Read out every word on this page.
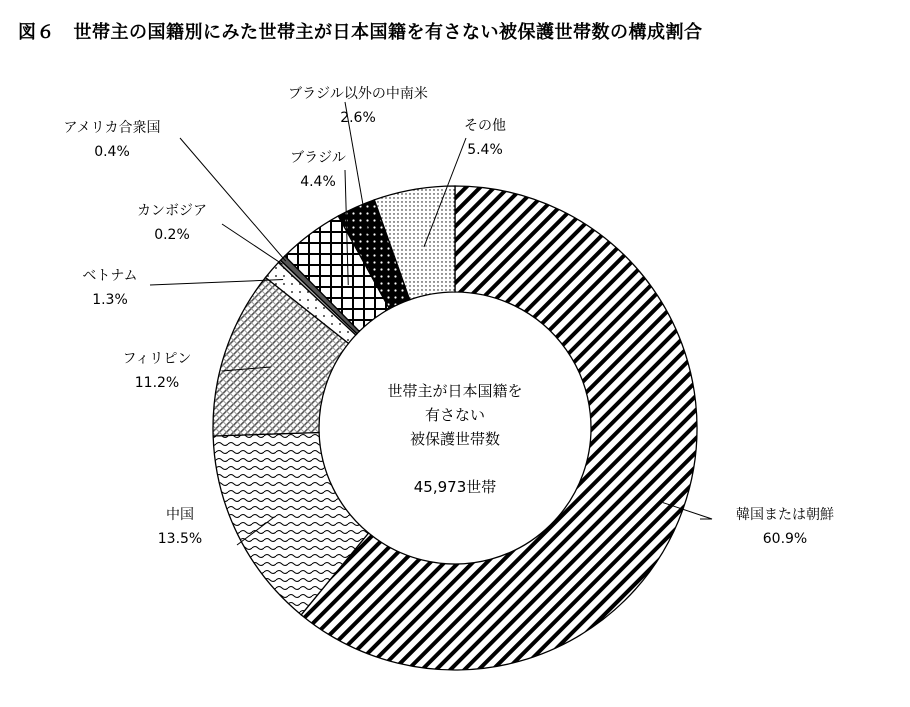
図６　世帯主の国籍別にみた世帯主が日本国籍を有さない被保護世帯数の構成割合
韓国または朝鮮
60.9%
中国
13.5%
フィリピン
11.2%
ベトナム
1.3%
カンボジア
0.2%
アメリカ合衆国
0.4%	ブラジル
4.4%
ブラジル以外の中南米
2.6%	その他
5.4%
世帯主が日本国籍を
有さない
被保護世帯数
45,973世帯
